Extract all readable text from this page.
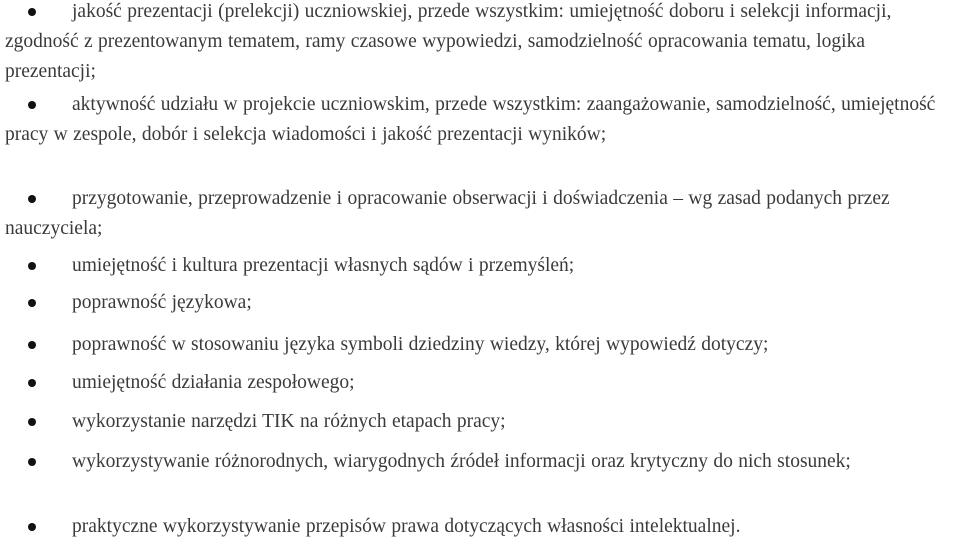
jakość prezentacji (prelekcji) uczniowskiej, przede wszystkim: umiejętność doboru i selekcji informacji, zgodność z prezentowanym tematem, ramy czasowe wypowiedzi, samodzielność opracowania tematu, logika prezentacji;
aktywność udziału w projekcie uczniowskim, przede wszystkim: zaangażowanie, samodzielność, umiejętność pracy w zespole, dobór i selekcja wiadomości i jakość prezentacji wyników;
przygotowanie, przeprowadzenie i opracowanie obserwacji i doświadczenia – wg zasad podanych przez nauczyciela;
umiejętność i kultura prezentacji własnych sądów i przemyśleń;
poprawność językowa;
poprawność w stosowaniu języka symboli dziedziny wiedzy, której wypowiedź dotyczy;
umiejętność działania zespołowego;
wykorzystanie narzędzi TIK na różnych etapach pracy;
wykorzystywanie różnorodnych, wiarygodnych źródeł informacji oraz krytyczny do nich stosunek;
praktyczne wykorzystywanie przepisów prawa dotyczących własności intelektualnej.
